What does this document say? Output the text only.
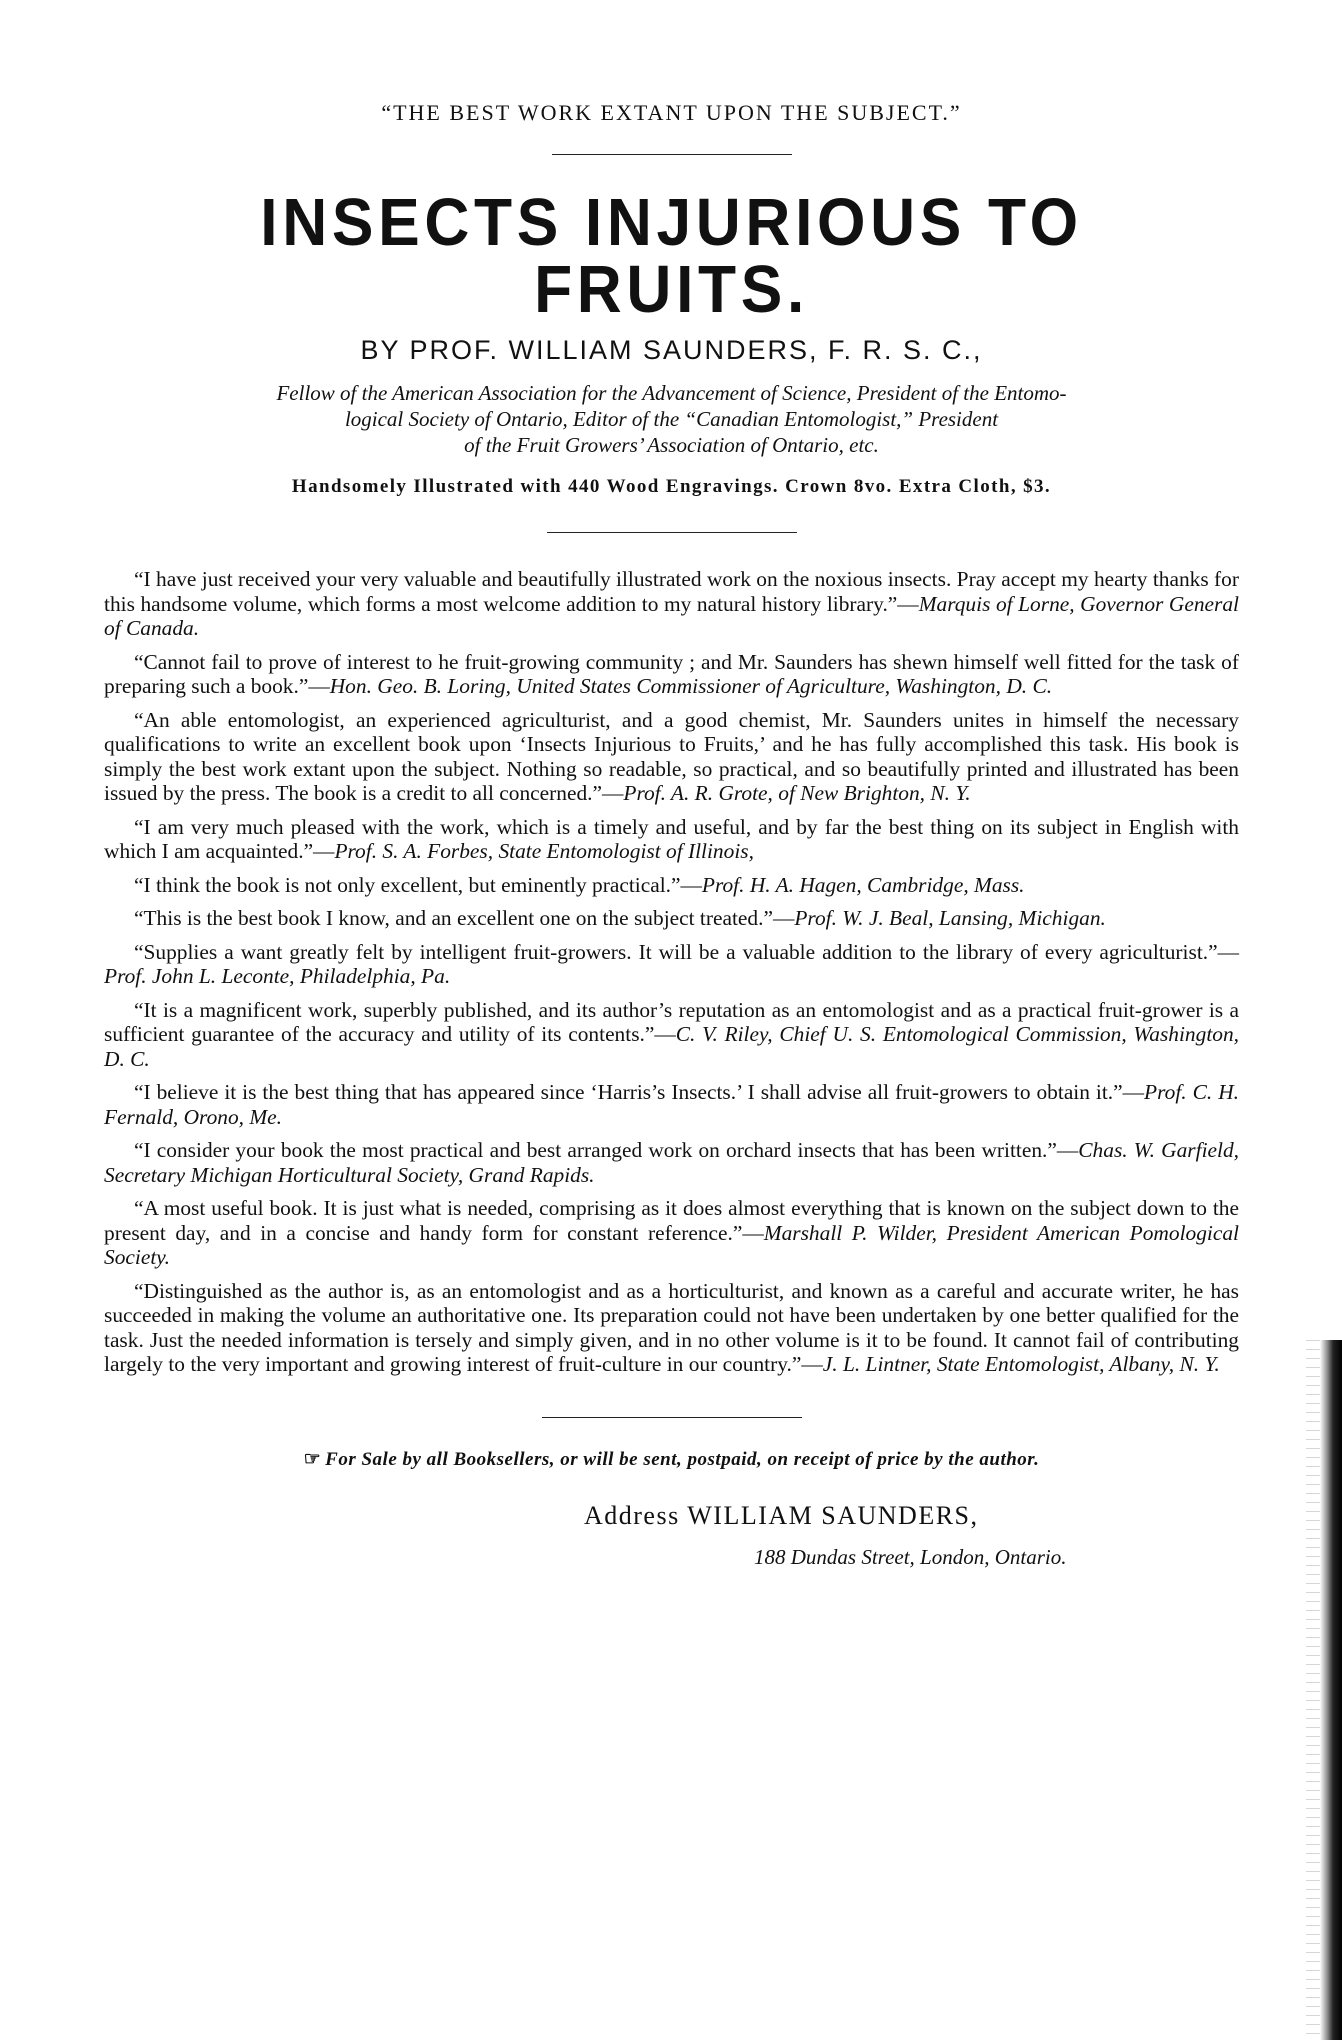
“THE BEST WORK EXTANT UPON THE SUBJECT.”

INSECTS INJURIOUS TO FRUITS.

BY PROF. WILLIAM SAUNDERS, F. R. S. C.,

Fellow of the American Association for the Advancement of Science, President of the Entomo-
logical Society of Ontario, Editor of the “Canadian Entomologist,” President
of the Fruit Growers’ Association of Ontario, etc.

Handsomely Illustrated with 440 Wood Engravings. Crown 8vo. Extra Cloth, $3.

“I have just received your very valuable and beautifully illustrated work on the noxious insects. Pray accept my hearty thanks for this handsome volume, which forms a most welcome addition to my natural history library.”—Marquis of Lorne, Governor General of Canada.

“Cannot fail to prove of interest to he fruit-growing community ; and Mr. Saunders has shewn himself well fitted for the task of preparing such a book.”—Hon. Geo. B. Loring, United States Commissioner of Agriculture, Washington, D. C.

“An able entomologist, an experienced agriculturist, and a good chemist, Mr. Saunders unites in himself the necessary qualifications to write an excellent book upon ‘Insects Injurious to Fruits,’ and he has fully accomplished this task. His book is simply the best work extant upon the subject. Nothing so readable, so practical, and so beautifully printed and illustrated has been issued by the press. The book is a credit to all concerned.”—Prof. A. R. Grote, of New Brighton, N. Y.

“I am very much pleased with the work, which is a timely and useful, and by far the best thing on its subject in English with which I am acquainted.”—Prof. S. A. Forbes, State Entomologist of Illinois,

“I think the book is not only excellent, but eminently practical.”—Prof. H. A. Hagen, Cambridge, Mass.

“This is the best book I know, and an excellent one on the subject treated.”—Prof. W. J. Beal, Lansing, Michigan.

“Supplies a want greatly felt by intelligent fruit-growers. It will be a valuable addition to the library of every agriculturist.”—Prof. John L. Leconte, Philadelphia, Pa.

“It is a magnificent work, superbly published, and its author’s reputation as an entomologist and as a practical fruit-grower is a sufficient guarantee of the accuracy and utility of its contents.”—C. V. Riley, Chief U. S. Entomological Commission, Washington, D. C.

“I believe it is the best thing that has appeared since ‘Harris’s Insects.’ I shall advise all fruit-growers to obtain it.”—Prof. C. H. Fernald, Orono, Me.

“I consider your book the most practical and best arranged work on orchard insects that has been written.”—Chas. W. Garfield, Secretary Michigan Horticultural Society, Grand Rapids.

“A most useful book. It is just what is needed, comprising as it does almost everything that is known on the subject down to the present day, and in a concise and handy form for constant reference.”—Marshall P. Wilder, President American Pomological Society.

“Distinguished as the author is, as an entomologist and as a horticulturist, and known as a careful and accurate writer, he has succeeded in making the volume an authoritative one. Its preparation could not have been undertaken by one better qualified for the task. Just the needed information is tersely and simply given, and in no other volume is it to be found. It cannot fail of contributing largely to the very important and growing interest of fruit-culture in our country.”—J. L. Lintner, State Entomologist, Albany, N. Y.

☞ For Sale by all Booksellers, or will be sent, postpaid, on receipt of price by the author.

Address WILLIAM SAUNDERS,
188 Dundas Street, London, Ontario.
